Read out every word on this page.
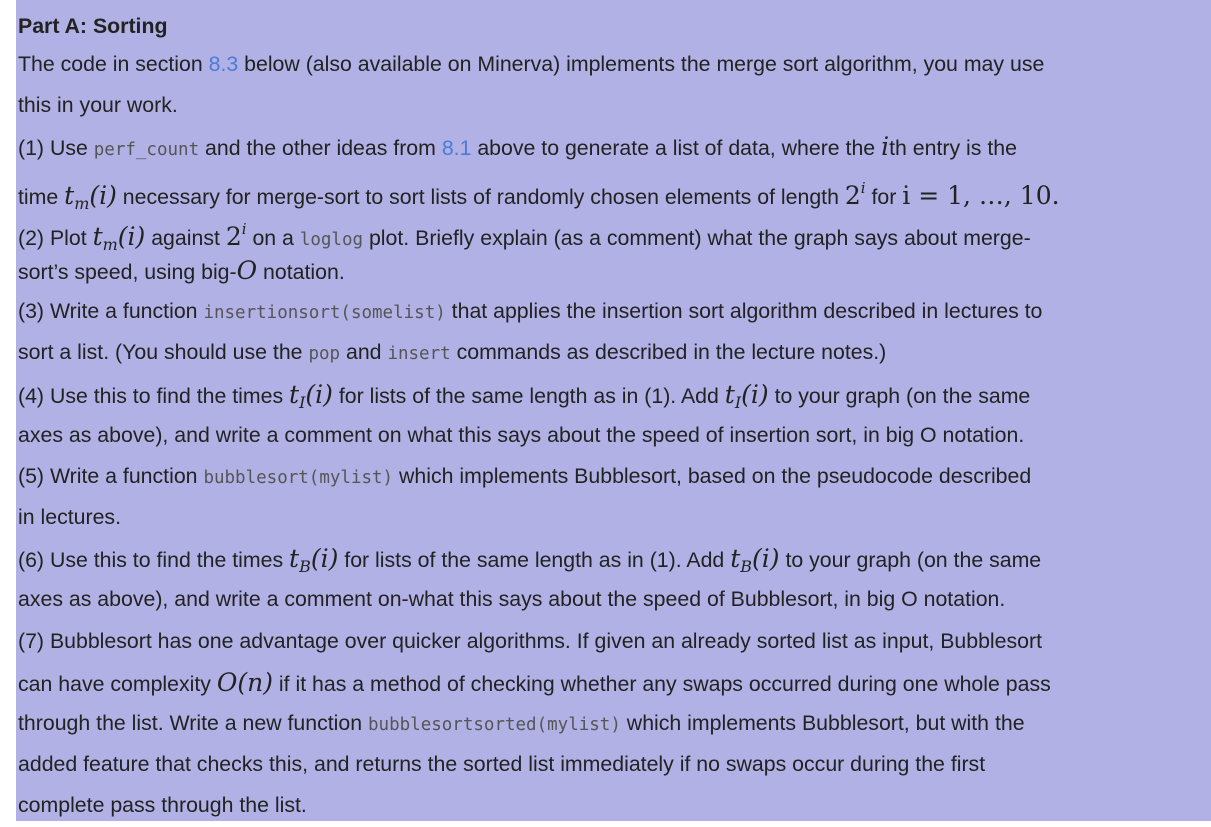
Part A: Sorting
The code in section 8.3 below (also available on Minerva) implements the merge sort algorithm, you may use
this in your work.
(1) Use perf_count and the other ideas from 8.1 above to generate a list of data, where the ith entry is the
time $t_m(i)$ necessary for merge-sort to sort lists of randomly chosen elements of length 2$^i$ for i = 1, …, 10.
(2) Plot $t_m(i)$ against 2$^i$ on a loglog plot. Briefly explain (as a comment) what the graph says about merge-
sort’s speed, using big-O notation.
(3) Write a function insertionsort(somelist) that applies the insertion sort algorithm described in lectures to
sort a list. (You should use the pop and insert commands as described in the lecture notes.)
(4) Use this to find the times $t_I(i)$ for lists of the same length as in (1). Add $t_I(i)$ to your graph (on the same
axes as above), and write a comment on what this says about the speed of insertion sort, in big O notation.
(5) Write a function bubblesort(mylist) which implements Bubblesort, based on the pseudocode described
in lectures.
(6) Use this to find the times $t_B(i)$ for lists of the same length as in (1). Add $t_B(i)$ to your graph (on the same
axes as above), and write a comment on-what this says about the speed of Bubblesort, in big O notation.
(7) Bubblesort has one advantage over quicker algorithms. If given an already sorted list as input, Bubblesort
can have complexity O(n) if it has a method of checking whether any swaps occurred during one whole pass
through the list. Write a new function bubblesortsorted(mylist) which implements Bubblesort, but with the
added feature that checks this, and returns the sorted list immediately if no swaps occur during the first
complete pass through the list.
